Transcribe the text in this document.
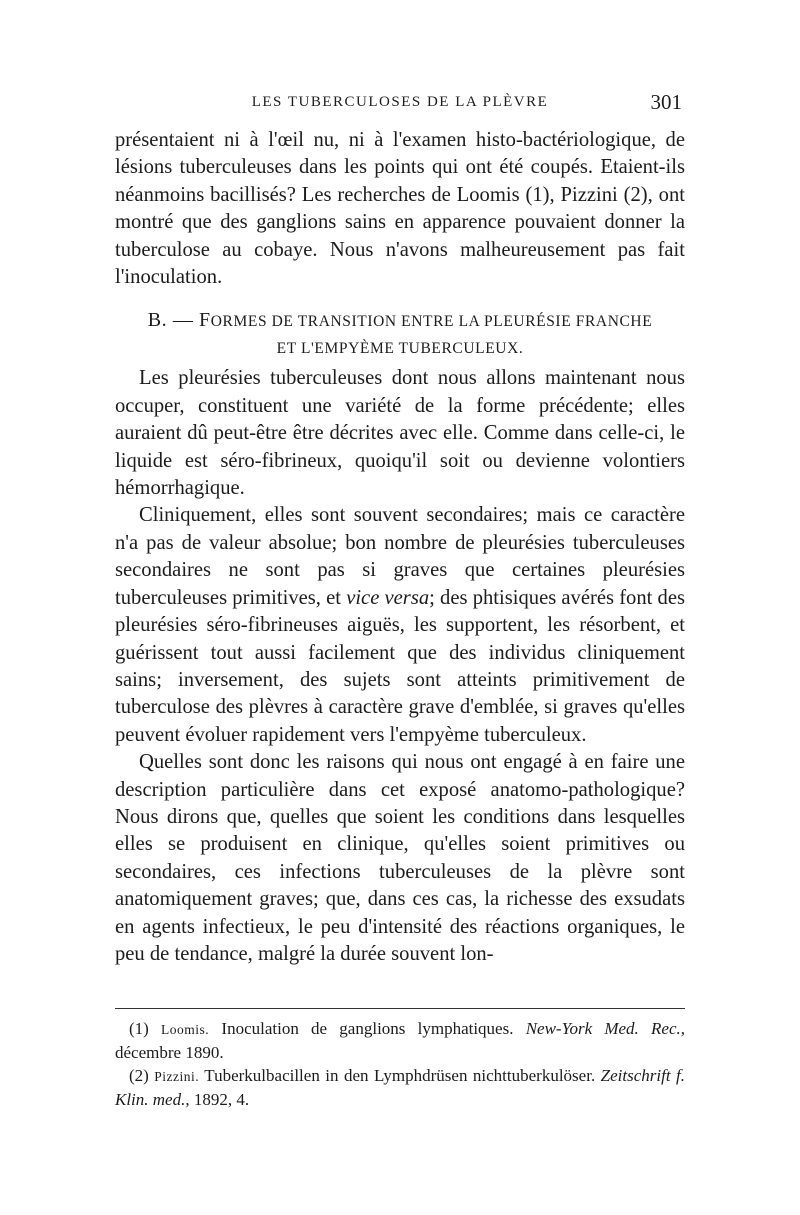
LES TUBERCULOSES DE LA PLÈVRE	301

présentaient ni à l'œil nu, ni à l'examen histo-bactériologique, de lésions tuberculeuses dans les points qui ont été coupés. Etaient-ils néanmoins bacillisés? Les recherches de Loomis (1), Pizzini (2), ont montré que des ganglions sains en apparence pouvaient donner la tuberculose au cobaye. Nous n'avons malheureusement pas fait l'inoculation.

B. — FORMES DE TRANSITION ENTRE LA PLEURÉSIE FRANCHE
ET L'EMPYÈME TUBERCULEUX.

Les pleurésies tuberculeuses dont nous allons maintenant nous occuper, constituent une variété de la forme précédente; elles auraient dû peut-être être décrites avec elle. Comme dans celle-ci, le liquide est séro-fibrineux, quoiqu'il soit ou devienne volontiers hémorrhagique.

Cliniquement, elles sont souvent secondaires; mais ce caractère n'a pas de valeur absolue; bon nombre de pleurésies tuberculeuses secondaires ne sont pas si graves que certaines pleurésies tuberculeuses primitives, et vice versa; des phtisiques avérés font des pleurésies séro-fibrineuses aiguës, les supportent, les résorbent, et guérissent tout aussi facilement que des individus cliniquement sains; inversement, des sujets sont atteints primitivement de tuberculose des plèvres à caractère grave d'emblée, si graves qu'elles peuvent évoluer rapidement vers l'empyème tuberculeux.

Quelles sont donc les raisons qui nous ont engagé à en faire une description particulière dans cet exposé anatomo-pathologique? Nous dirons que, quelles que soient les conditions dans lesquelles elles se produisent en clinique, qu'elles soient primitives ou secondaires, ces infections tuberculeuses de la plèvre sont anatomiquement graves; que, dans ces cas, la richesse des exsudats en agents infectieux, le peu d'intensité des réactions organiques, le peu de tendance, malgré la durée souvent lon-

(1) Loomis. Inoculation de ganglions lymphatiques. New-York Med. Rec., décembre 1890.

(2) Pizzini. Tuberkulbacillen in den Lymphdrüsen nichttuberkulöser. Zeitschrift f. Klin. med., 1892, 4.
